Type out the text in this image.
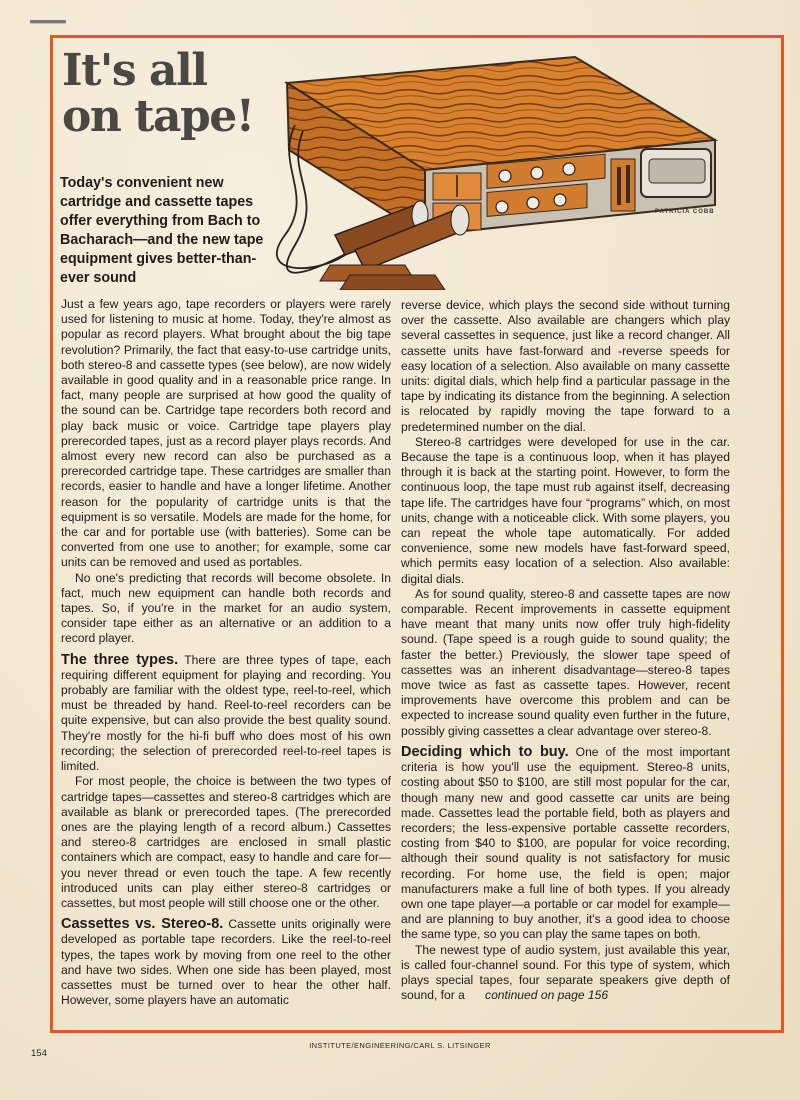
It's all
on tape!

Today's convenient new cartridge and cassette tapes offer everything from Bach to Bacharach—and the new tape equipment gives better-than-ever sound

PATRICIA COBB

Just a few years ago, tape recorders or players were rarely used for listening to music at home. Today, they're almost as popular as record players. What brought about the big tape revolution? Primarily, the fact that easy-to-use cartridge units, both stereo-8 and cassette types (see below), are now widely available in good quality and in a reasonable price range. In fact, many people are surprised at how good the quality of the sound can be. Cartridge tape recorders both record and play back music or voice. Cartridge tape players play prerecorded tapes, just as a record player plays records. And almost every new record can also be purchased as a prerecorded cartridge tape. These cartridges are smaller than records, easier to handle and have a longer lifetime. Another reason for the popularity of cartridge units is that the equipment is so versatile. Models are made for the home, for the car and for portable use (with batteries). Some can be converted from one use to another; for example, some car units can be removed and used as portables.

No one's predicting that records will become obsolete. In fact, much new equipment can handle both records and tapes. So, if you're in the market for an audio system, consider tape either as an alternative or an addition to a record player.

The three types. There are three types of tape, each requiring different equipment for playing and recording. You probably are familiar with the oldest type, reel-to-reel, which must be threaded by hand. Reel-to-reel recorders can be quite expensive, but can also provide the best quality sound. They're mostly for the hi-fi buff who does most of his own recording; the selection of prerecorded reel-to-reel tapes is limited.

For most people, the choice is between the two types of cartridge tapes—cassettes and stereo-8 cartridges which are available as blank or prerecorded tapes. (The prerecorded ones are the playing length of a record album.) Cassettes and stereo-8 cartridges are enclosed in small plastic containers which are compact, easy to handle and care for—you never thread or even touch the tape. A few recently introduced units can play either stereo-8 cartridges or cassettes, but most people will still choose one or the other.

Cassettes vs. Stereo-8. Cassette units originally were developed as portable tape recorders. Like the reel-to-reel types, the tapes work by moving from one reel to the other and have two sides. When one side has been played, most cassettes must be turned over to hear the other half. However, some players have an automatic

reverse device, which plays the second side without turning over the cassette. Also available are changers which play several cassettes in sequence, just like a record changer. All cassette units have fast-forward and -reverse speeds for easy location of a selection. Also available on many cassette units: digital dials, which help find a particular passage in the tape by indicating its distance from the beginning. A selection is relocated by rapidly moving the tape forward to a predetermined number on the dial.

Stereo-8 cartridges were developed for use in the car. Because the tape is a continuous loop, when it has played through it is back at the starting point. However, to form the continuous loop, the tape must rub against itself, decreasing tape life. The cartridges have four “programs” which, on most units, change with a noticeable click. With some players, you can repeat the whole tape automatically. For added convenience, some new models have fast-forward speed, which permits easy location of a selection. Also available: digital dials.

As for sound quality, stereo-8 and cassette tapes are now comparable. Recent improvements in cassette equipment have meant that many units now offer truly high-fidelity sound. (Tape speed is a rough guide to sound quality; the faster the better.) Previously, the slower tape speed of cassettes was an inherent disadvantage—stereo-8 tapes move twice as fast as cassette tapes. However, recent improvements have overcome this problem and can be expected to increase sound quality even further in the future, possibly giving cassettes a clear advantage over stereo-8.

Deciding which to buy. One of the most important criteria is how you'll use the equipment. Stereo-8 units, costing about $50 to $100, are still most popular for the car, though many new and good cassette car units are being made. Cassettes lead the portable field, both as players and recorders; the less-expensive portable cassette recorders, costing from $40 to $100, are popular for voice recording, although their sound quality is not satisfactory for music recording. For home use, the field is open; major manufacturers make a full line of both types. If you already own one tape player—a portable or car model for example—and are planning to buy another, it's a good idea to choose the same type, so you can play the same tapes on both.

The newest type of audio system, just available this year, is called four-channel sound. For this type of system, which plays special tapes, four separate speakers give depth of sound, for a      continued on page 156

INSTITUTE/ENGINEERING/CARL S. LITSINGER
154
